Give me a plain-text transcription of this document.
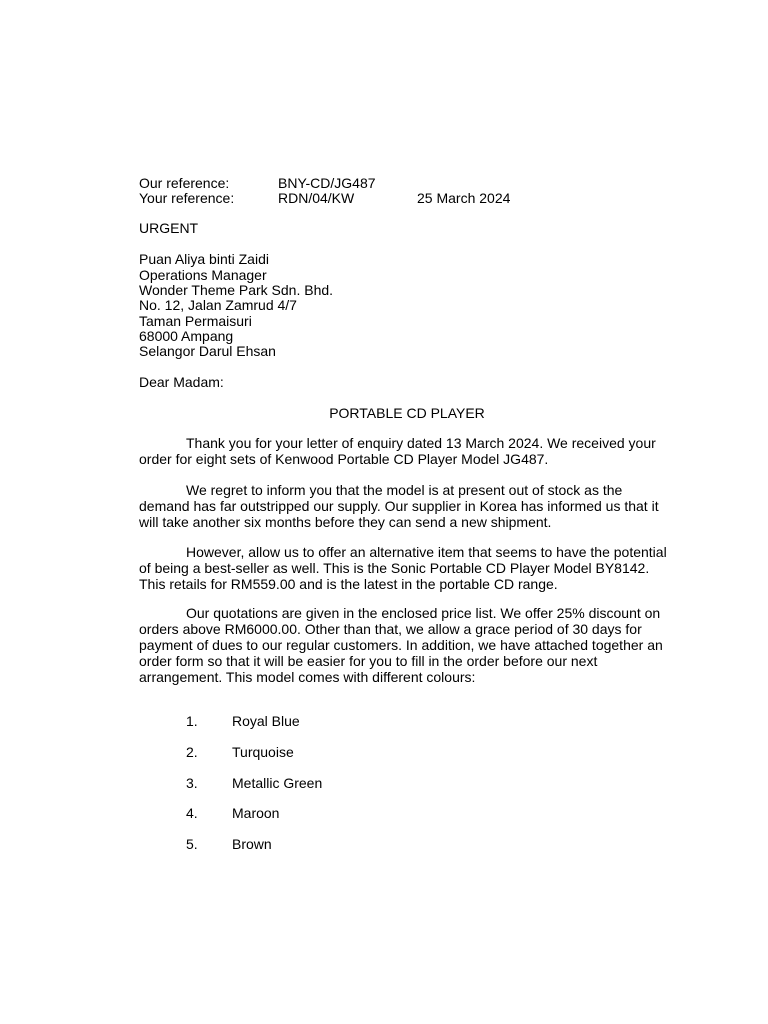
Our reference:	BNY-CD/JG487
Your reference:	RDN/04/KW	25 March 2024
URGENT
Puan Aliya binti Zaidi
Operations Manager
Wonder Theme Park Sdn. Bhd.
No. 12, Jalan Zamrud 4/7
Taman Permaisuri
68000 Ampang
Selangor Darul Ehsan
Dear Madam:
PORTABLE CD PLAYER
Thank you for your letter of enquiry dated 13 March 2024. We received your
order for eight sets of Kenwood Portable CD Player Model JG487.
We regret to inform you that the model is at present out of stock as the
demand has far outstripped our supply. Our supplier in Korea has informed us that it
will take another six months before they can send a new shipment.
However, allow us to offer an alternative item that seems to have the potential
of being a best-seller as well. This is the Sonic Portable CD Player Model BY8142.
This retails for RM559.00 and is the latest in the portable CD range.
Our quotations are given in the enclosed price list. We offer 25% discount on
orders above RM6000.00. Other than that, we allow a grace period of 30 days for
payment of dues to our regular customers. In addition, we have attached together an
order form so that it will be easier for you to fill in the order before our next
arrangement. This model comes with different colours:
1. Royal Blue
2. Turquoise
3. Metallic Green
4. Maroon
5. Brown
